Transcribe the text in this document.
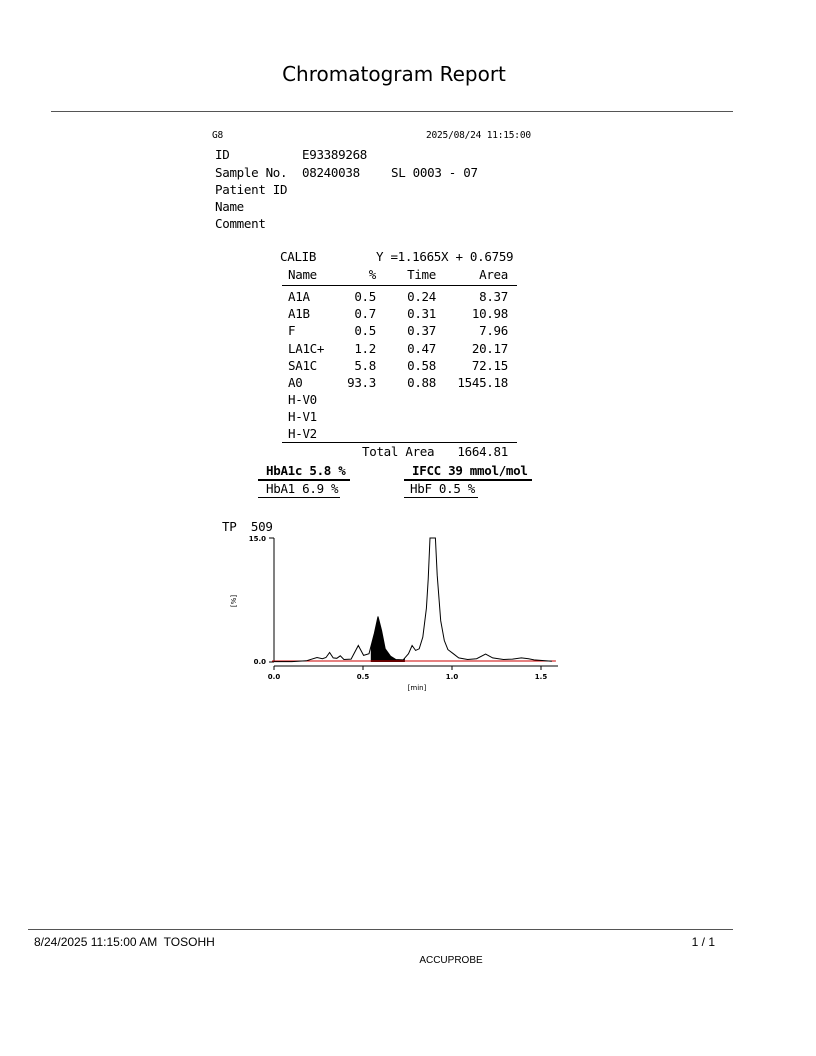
Chromatogram Report
G8	2025/08/24 11:15:00
ID	E93389268
Sample No. 08240038 SL 0003 - 07
Patient ID
Name
Comment
CALIB	Y =1.1665X + 0.6759
Name	%	Time	Area
A1A	0.5	0.24	8.37
A1B	0.7	0.31	10.98
F	0.5	0.37	7.96
LA1C+	1.2	0.47	20.17
SA1C	5.8	0.58	72.15
A0	93.3	0.88	1545.18
H-V0
H-V1
H-V2
Total Area	1664.81
HbA1c 5.8 %	IFCC 39 mmol/mol
HbA1 6.9 %	HbF 0.5 %
TP  509
15.0
0.0
[%]
0.0	0.5	1.0	1.5
[min]
8/24/2025 11:15:00 AM  TOSOHH	1 / 1
ACCUPROBE
